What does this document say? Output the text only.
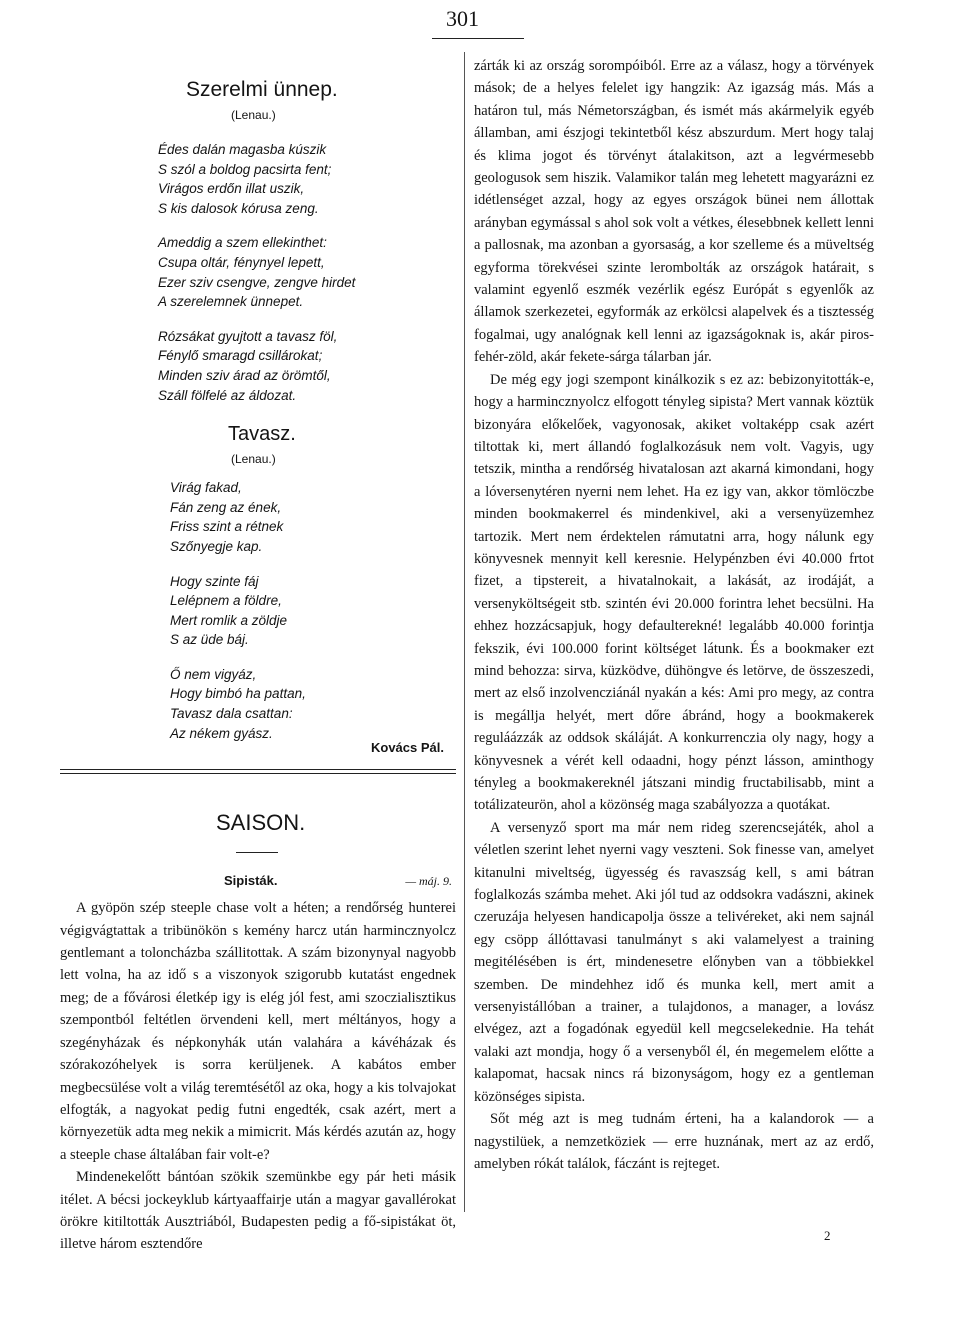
301
Szerelmi ünnep.
(Lenau.)
Édes dalán magasba kúszik
S szól a boldog pacsirta fent;
Virágos erdőn illat uszik,
S kis dalosok kórusa zeng.
Ameddig a szem ellekinthet:
Csupa oltár, fénynyel lepett,
Ezer sziv csengve, zengve hirdet
A szerelemnek ünnepet.
Rózsákat gyujtott a tavasz föl,
Fénylő smaragd csillárokat;
Minden sziv árad az örömtől,
Száll fölfelé az áldozat.
Tavasz.
(Lenau.)
Virág fakad,
Fán zeng az ének,
Friss szint a rétnek
Szőnyegje kap.
Hogy szinte fáj
Lelépnem a földre,
Mert romlik a zöldje
S az üde báj.
Ő nem vigyáz,
Hogy bimbó ha pattan,
Tavasz dala csattan:
Az nékem gyász.
Kovács Pál.
SAISON.
Sipisták.	— máj. 9.

A gyöpön szép steeple chase volt a héten; a rendőrség hunterei végigvágtattak a tribünökön s kemény harcz után harmincznyolcz gentlemant a toloncházba szállitottak. A szám bizonynyal nagyobb lett volna, ha az idő s a viszonyok szigorubb kutatást engednek meg; de a fővárosi életkép igy is elég jól fest, ami szoczialisztikus szempontból feltétlen örvendeni kell, mert méltányos, hogy a szegényházak és népkonyhák után valahára a kávéházak és szórakozóhelyek is sorra kerüljenek. A kabátos ember megbecsülése volt a világ teremtésétől az oka, hogy a kis tolvajokat elfogták, a nagyokat pedig futni engedték, csak azért, mert a környezetük adta meg nekik a mimicrit. Más kérdés azután az, hogy a steeple chase általában fair volt-e?

Mindenekelőtt bántóan szökik szemünkbe egy pár heti másik itélet. A bécsi jockeyklub kártyaaffairje után a magyar gavallérokat örökre kitiltották Ausztriából, Budapesten pedig a fő-sipistákat öt, illetve három esztendőre

zárták ki az ország sorompóiból. Erre az a válasz, hogy a törvények mások; de a helyes felelet igy hangzik: Az igazság más. Más a határon tul, más Németországban, és ismét más akármelyik egyéb államban, ami észjogi tekintetből kész abszurdum. Mert hogy talaj és klima jogot és törvényt átalakitson, azt a legvérmesebb geologusok sem hiszik. Valamikor talán meg lehetett magyarázni ez idétlenséget azzal, hogy az egyes országok bünei nem állottak arányban egymással s ahol sok volt a vétkes, élesebbnek kellett lenni a pallosnak, ma azonban a gyorsaság, a kor szelleme és a müveltség egyforma törekvései szinte lerombolták az országok határait, s valamint egyenlő eszmék vezérlik egész Európát s egyenlők az államok szerkezetei, egyformák az erkölcsi alapelvek és a tisztesség fogalmai, ugy analógnak kell lenni az igazságoknak is, akár piros-fehér-zöld, akár fekete-sárga tálarban jár.

De még egy jogi szempont kinálkozik s ez az: bebizonyitották-e, hogy a harmincznyolcz elfogott tényleg sipista? Mert vannak köztük bizonyára előkelőek, vagyonosak, akiket voltaképp csak azért tiltottak ki, mert állandó foglalkozásuk nem volt. Vagyis, ugy tetszik, mintha a rendőrség hivatalosan azt akarná kimondani, hogy a lóversenytéren nyerni nem lehet. Ha ez igy van, akkor tömlöczbe minden bookmakerrel és mindenkivel, aki a versenyüzemhez tartozik. Mert nem érdektelen rámutatni arra, hogy nálunk egy könyvesnek mennyit kell keresnie. Helypénzben évi 40.000 frtot fizet, a tipstereit, a hivatalnokait, a lakását, az irodáját, a versenyköltségeit stb. szintén évi 20.000 forintra lehet becsülni. Ha ehhez hozzácsapjuk, hogy defaulterekné! legalább 40.000 forintja fekszik, évi 100.000 forint költséget látunk. És a bookmaker ezt mind behozza: sirva, küzködve, dühöngve és letörve, de összeszedi, mert az első inzolvencziánál nyakán a kés: Ami pro megy, az contra is megállja helyét, mert dőre ábránd, hogy a bookmakerek reguláázzák az oddsok skáláját. A konkurrenczia oly nagy, hogy a könyvesnek a vérét kell odaadni, hogy pénzt lásson, aminthogy tényleg a bookmakereknél játszani mindig fructabilisabb, mint a totálizateurön, ahol a közönség maga szabályozza a quotákat.

A versenyző sport ma már nem rideg szerencsejáték, ahol a véletlen szerint lehet nyerni vagy veszteni. Sok finesse van, amelyet kitanulni miveltség, ügyesség és ravaszság kell, s ami bátran foglalkozás számba mehet. Aki jól tud az oddsokra vadászni, akinek czeruzája helyesen handicapolja össze a telivéreket, aki nem sajnál egy csöpp állóttavasi tanulmányt s aki valamelyest a training megitélésében is ért, mindenesetre előnyben van a többiekkel szemben. De mindehhez idő és munka kell, mert amit a versenyistállóban a trainer, a tulajdonos, a manager, a lovász elvégez, azt a fogadónak egyedül kell megcselekednie. Ha tehát valaki azt mondja, hogy ő a versenyből él, én megemelem előtte a kalapomat, hacsak nincs rá bizonyságom, hogy ez a gentleman közönséges sipista.

Sőt még azt is meg tudnám érteni, ha a kalandorok — a nagystilüek, a nemzetköziek — erre huznának, mert az az erdő, amelyben rókát találok, fáczánt is rejteget.

2
